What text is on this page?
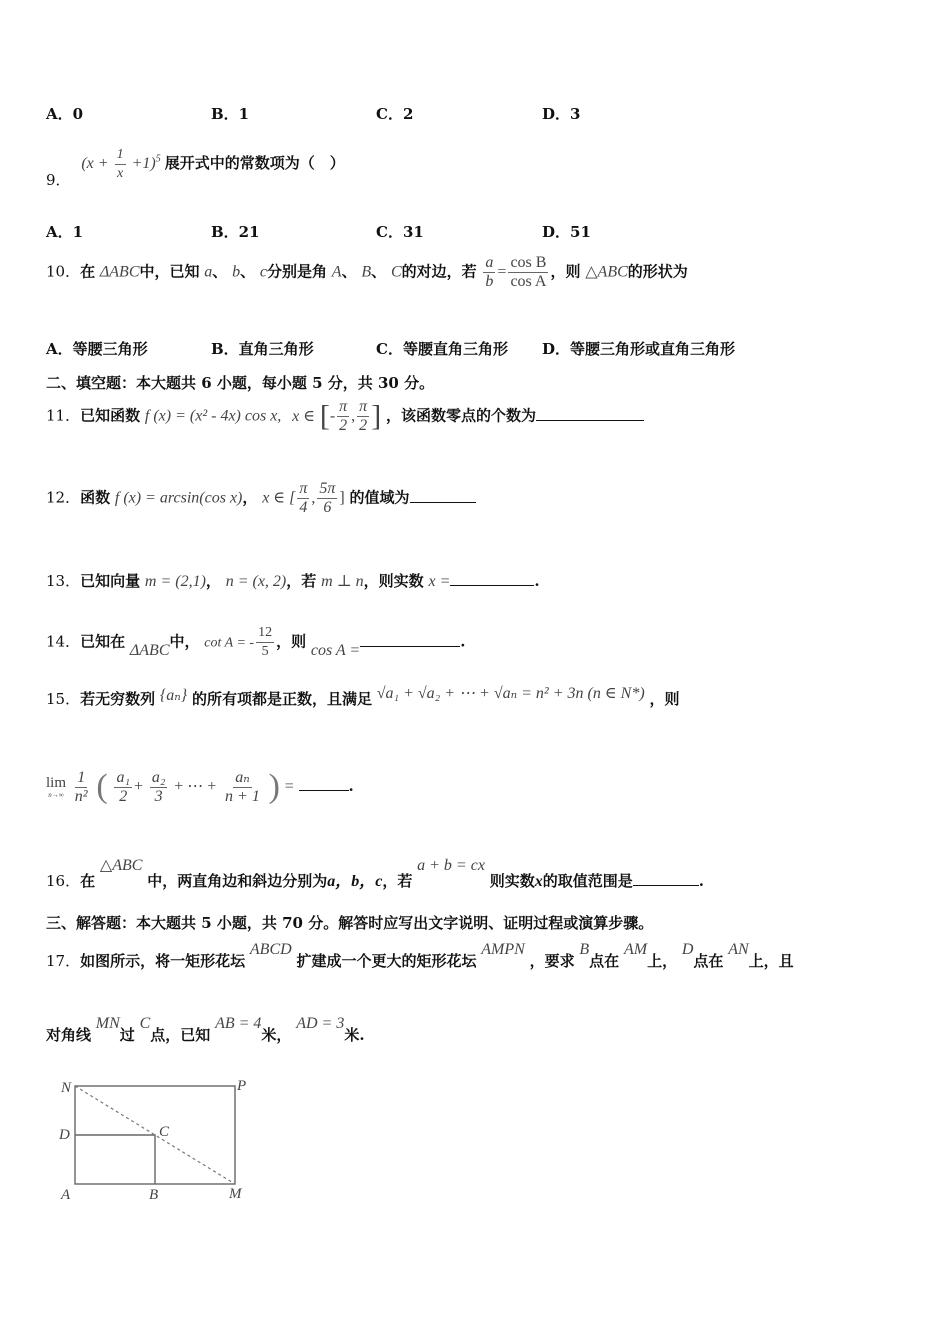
A．0	B．1	C．2	D．3
9． $(x + \frac{1}{x} +1)^5$ 展开式中的常数项为（　）
A．1	B．21	C．31	D．51
10．在 ΔABC中，已知 a、 b、 c分别是角 A、 B、 C的对边，若 $\frac{a}{b} = \frac{\text{cos B}}{\text{cos A}}$ ，则 △ABC的形状为
A．等腰三角形	B．直角三角形	C．等腰直角三角形 D．等腰三角形或直角三角形
二、填空题：本大题共 6 小题，每小题 5 分，共 30 分。
11．已知函数 f (x) = (x² - 4x) cos x, x ∈ [- $\frac{\pi}{2}$ , $\frac{\pi}{2}$ ] ，该函数零点的个数为
12．函数 f (x) = arcsin(cos x)， x ∈ [ $\frac{\pi}{4}$ , $\frac{5\pi}{6}$ ] 的值域为
13．已知向量 m = (2,1)， n = (x, 2)，若 m ⊥ n，则实数 x =	.
14．已知在 ΔABC中， cot A = - $\frac{12}{5}$ ，则 cos A =	.
15．若无穷数列 {aₙ} 的所有项都是正数，且满足 √a₁ + √a₂ + ⋯ + √aₙ = n² + 3n (n ∈ N*) ，则
lim
n→∞
$\frac{1}{\text{n²}}$ ( $\frac{\text{a₁}}{2} + \frac{\text{a₂}}{3}$ + ⋯ + $\frac{\text{aₙ}}{n + 1}$ ) =	.
16．在 △ABC 中，两直角边和斜边分别为a，b，c，若 a + b = cx 则实数x的取值范围是	.
三、解答题：本大题共 5 小题，共 70 分。解答时应写出文字说明、证明过程或演算步骤。
17．如图所示，将一矩形花坛 ABCD 扩建成一个更大的矩形花坛 AMPN ，要求 B点在 AM上， D点在 AN上，且
对角线 MN过 C点，已知 AB = 4米， AD = 3米.
N	P
D	C
A	B	M
